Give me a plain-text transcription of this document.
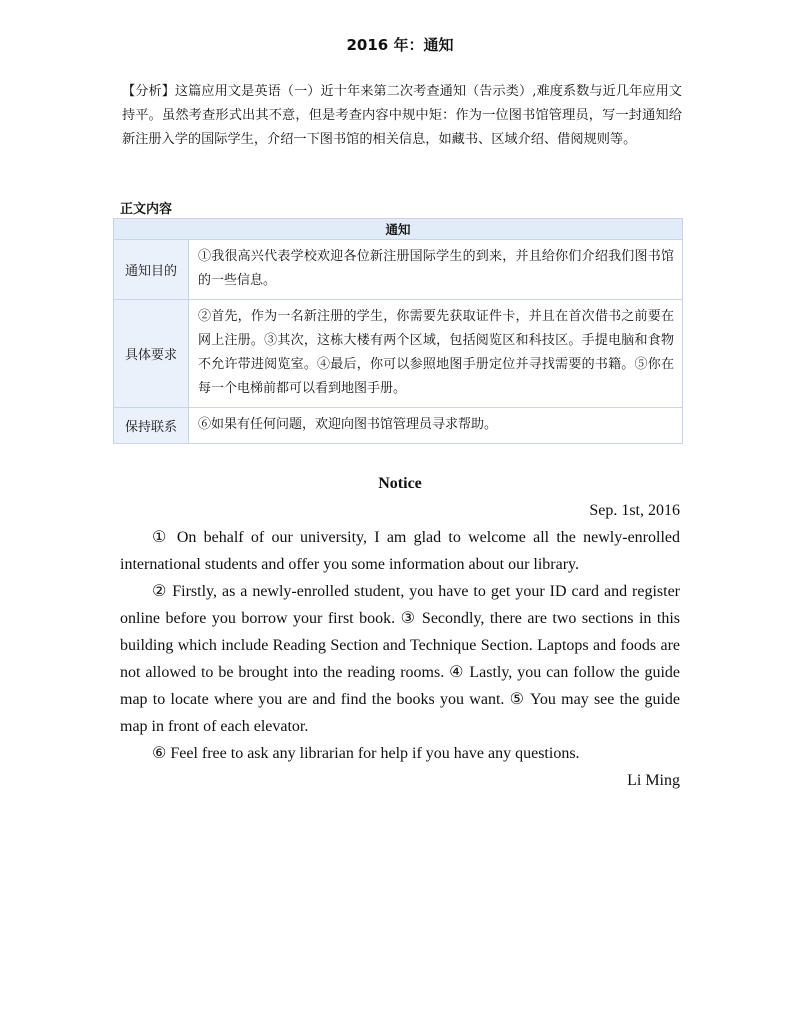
2016 年：通知
【分析】这篇应用文是英语（一）近十年来第二次考查通知（告示类）,难度系数与近几年应用文持平。虽然考查形式出其不意，但是考查内容中规中矩：作为一位图书馆管理员，写一封通知给新注册入学的国际学生，介绍一下图书馆的相关信息，如藏书、区域介绍、借阅规则等。
正文内容
通知	
通知目的	①我很高兴代表学校欢迎各位新注册国际学生的到来，并且给你们介绍我们图书馆的一些信息。
具体要求	②首先，作为一名新注册的学生，你需要先获取证件卡，并且在首次借书之前要在网上注册。③其次，这栋大楼有两个区域，包括阅览区和科技区。手提电脑和食物不允许带进阅览室。④最后，你可以参照地图手册定位并寻找需要的书籍。⑤你在每一个电梯前都可以看到地图手册。
保持联系	⑥如果有任何问题，欢迎向图书馆管理员寻求帮助。
Notice
Sep. 1st, 2016

① On behalf of our university, I am glad to welcome all the newly-enrolled international students and offer you some information about our library.

② Firstly, as a newly-enrolled student, you have to get your ID card and register online before you borrow your first book. ③ Secondly, there are two sections in this building which include Reading Section and Technique Section. Laptops and foods are not allowed to be brought into the reading rooms. ④ Lastly, you can follow the guide map to locate where you are and find the books you want. ⑤ You may see the guide map in front of each elevator.

⑥ Feel free to ask any librarian for help if you have any questions.

Li Ming
